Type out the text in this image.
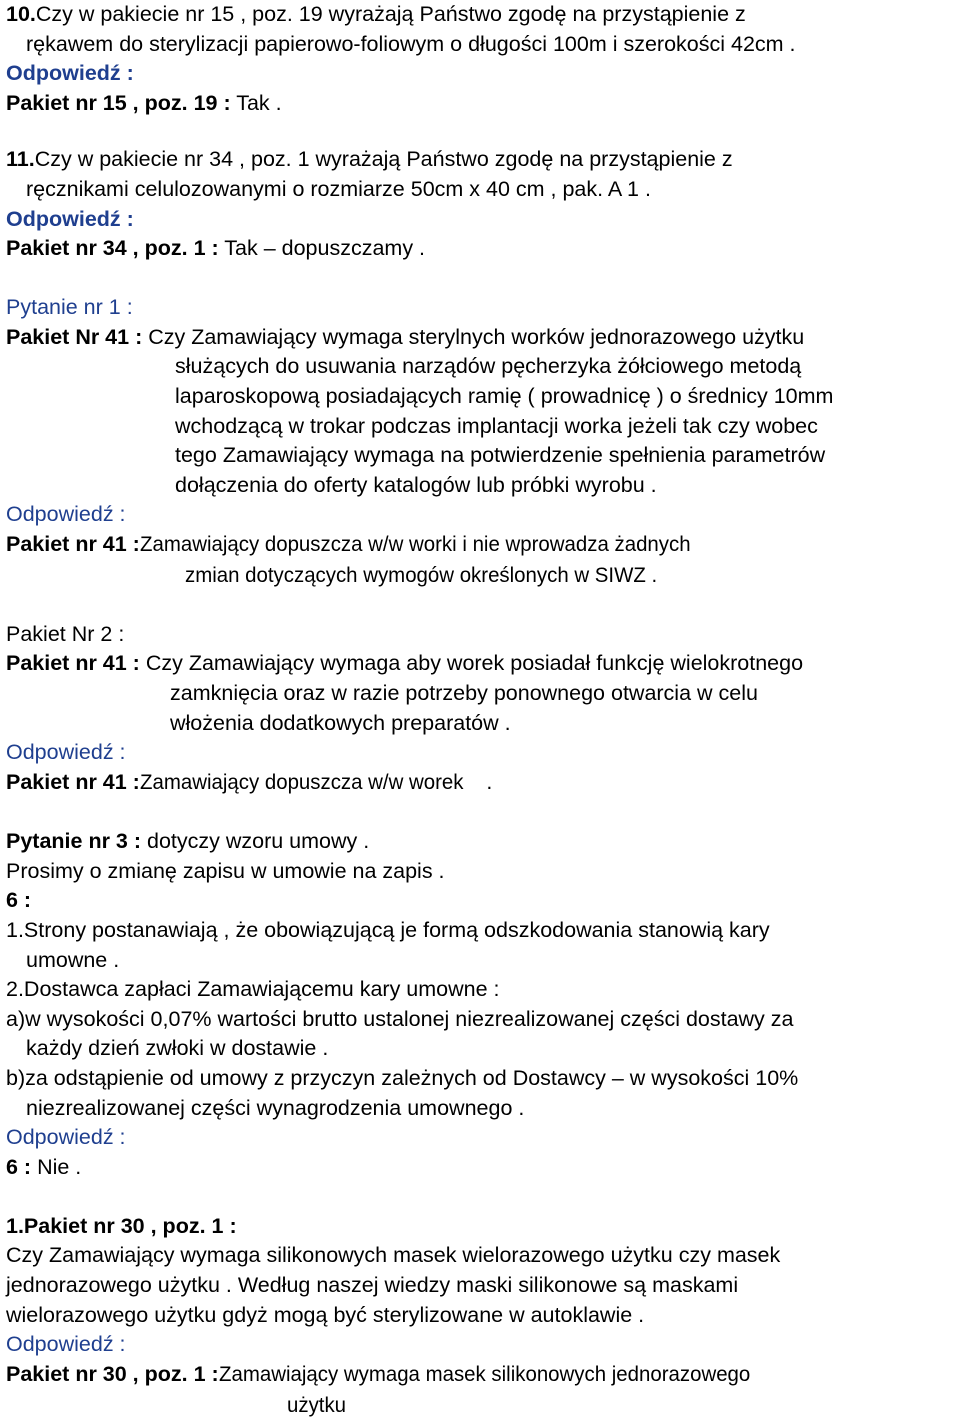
10.Czy w pakiecie nr 15 , poz. 19 wyrażają Państwo zgodę na przystąpienie z
rękawem do sterylizacji papierowo-foliowym o długości 100m i szerokości 42cm .
Odpowiedź :
Pakiet nr 15 , poz. 19 : Tak .
11.Czy w pakiecie nr 34 , poz. 1 wyrażają Państwo zgodę na przystąpienie z
ręcznikami celulozowanymi o rozmiarze 50cm x 40 cm , pak. A 1 .
Odpowiedź :
Pakiet nr 34 , poz. 1 : Tak – dopuszczamy .
Pytanie nr 1 :
Pakiet Nr 41 : Czy Zamawiający wymaga sterylnych worków jednorazowego użytku
służących do usuwania narządów pęcherzyka żółciowego metodą
laparoskopową posiadających ramię ( prowadnicę ) o średnicy 10mm
wchodzącą w trokar podczas implantacji worka jeżeli tak czy wobec
tego Zamawiający wymaga na potwierdzenie spełnienia parametrów
dołączenia do oferty katalogów lub próbki wyrobu .
Odpowiedź :
Pakiet nr 41 :Zamawiający dopuszcza w/w worki i nie wprowadza żadnych
zmian dotyczących wymogów określonych w SIWZ .
Pakiet Nr 2 :
Pakiet nr 41 : Czy Zamawiający wymaga aby worek posiadał funkcję wielokrotnego
zamknięcia oraz w razie potrzeby ponownego otwarcia w celu
włożenia dodatkowych preparatów .
Odpowiedź :
Pakiet nr 41 :Zamawiający dopuszcza w/w worek .
Pytanie nr 3 : dotyczy wzoru umowy .
Prosimy o zmianę zapisu w umowie na zapis .
6 :
1.Strony postanawiają , że obowiązującą je formą odszkodowania stanowią kary
umowne .
2.Dostawca zapłaci Zamawiającemu kary umowne :
a)w wysokości 0,07% wartości brutto ustalonej niezrealizowanej części dostawy za
każdy dzień zwłoki w dostawie .
b)za odstąpienie od umowy z przyczyn zależnych od Dostawcy – w wysokości 10%
niezrealizowanej części wynagrodzenia umownego .
Odpowiedź :
6 : Nie .
1.Pakiet nr 30 , poz. 1 :
Czy Zamawiający wymaga silikonowych masek wielorazowego użytku czy masek
jednorazowego użytku . Według naszej wiedzy maski silikonowe są maskami
wielorazowego użytku gdyż mogą być sterylizowane w autoklawie .
Odpowiedź :
Pakiet nr 30 , poz. 1 :Zamawiający wymaga masek silikonowych jednorazowego
użytku
